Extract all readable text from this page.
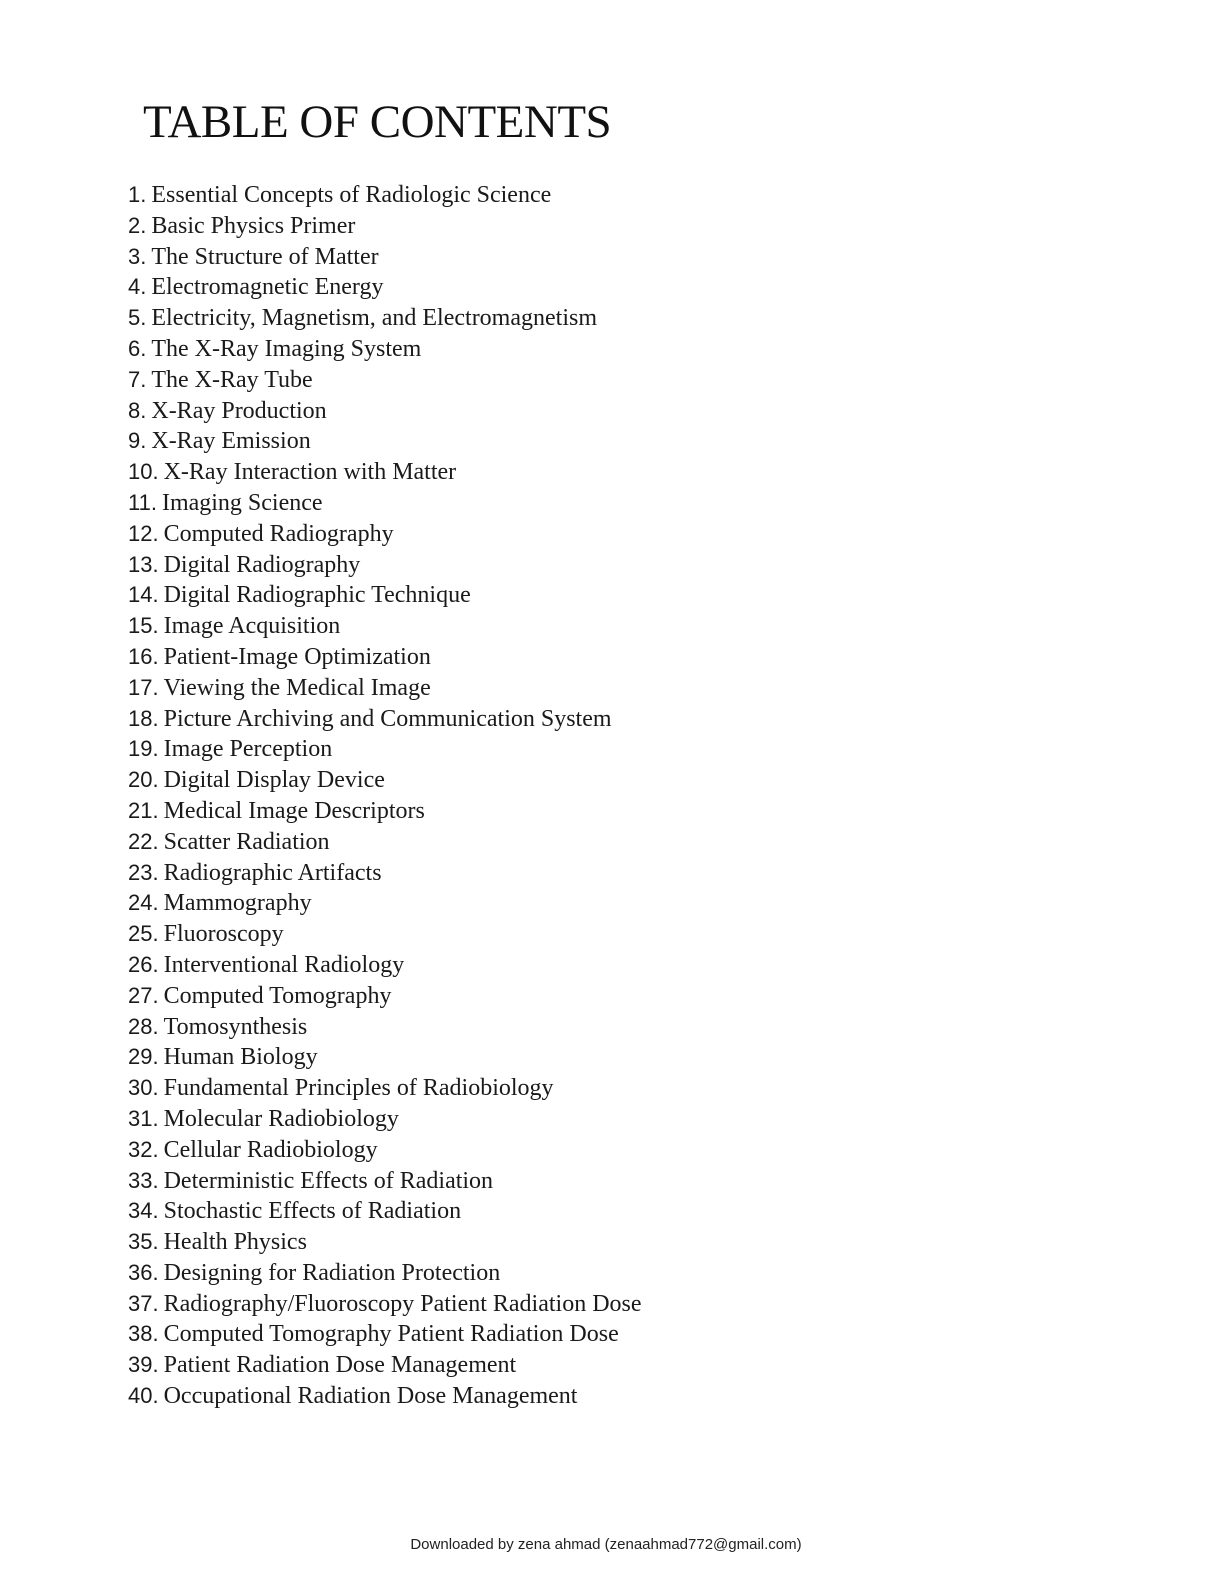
TABLE OF CONTENTS
1. Essential Concepts of Radiologic Science
2. Basic Physics Primer
3. The Structure of Matter
4. Electromagnetic Energy
5. Electricity, Magnetism, and Electromagnetism
6. The X-Ray Imaging System
7. The X-Ray Tube
8. X-Ray Production
9. X-Ray Emission
10. X-Ray Interaction with Matter
11. Imaging Science
12. Computed Radiography
13. Digital Radiography
14. Digital Radiographic Technique
15. Image Acquisition
16. Patient-Image Optimization
17. Viewing the Medical Image
18. Picture Archiving and Communication System
19. Image Perception
20. Digital Display Device
21. Medical Image Descriptors
22. Scatter Radiation
23. Radiographic Artifacts
24. Mammography
25. Fluoroscopy
26. Interventional Radiology
27. Computed Tomography
28. Tomosynthesis
29. Human Biology
30. Fundamental Principles of Radiobiology
31. Molecular Radiobiology
32. Cellular Radiobiology
33. Deterministic Effects of Radiation
34. Stochastic Effects of Radiation
35. Health Physics
36. Designing for Radiation Protection
37. Radiography/Fluoroscopy Patient Radiation Dose
38. Computed Tomography Patient Radiation Dose
39. Patient Radiation Dose Management
40. Occupational Radiation Dose Management
Downloaded by zena ahmad (zenaahmad772@gmail.com)
